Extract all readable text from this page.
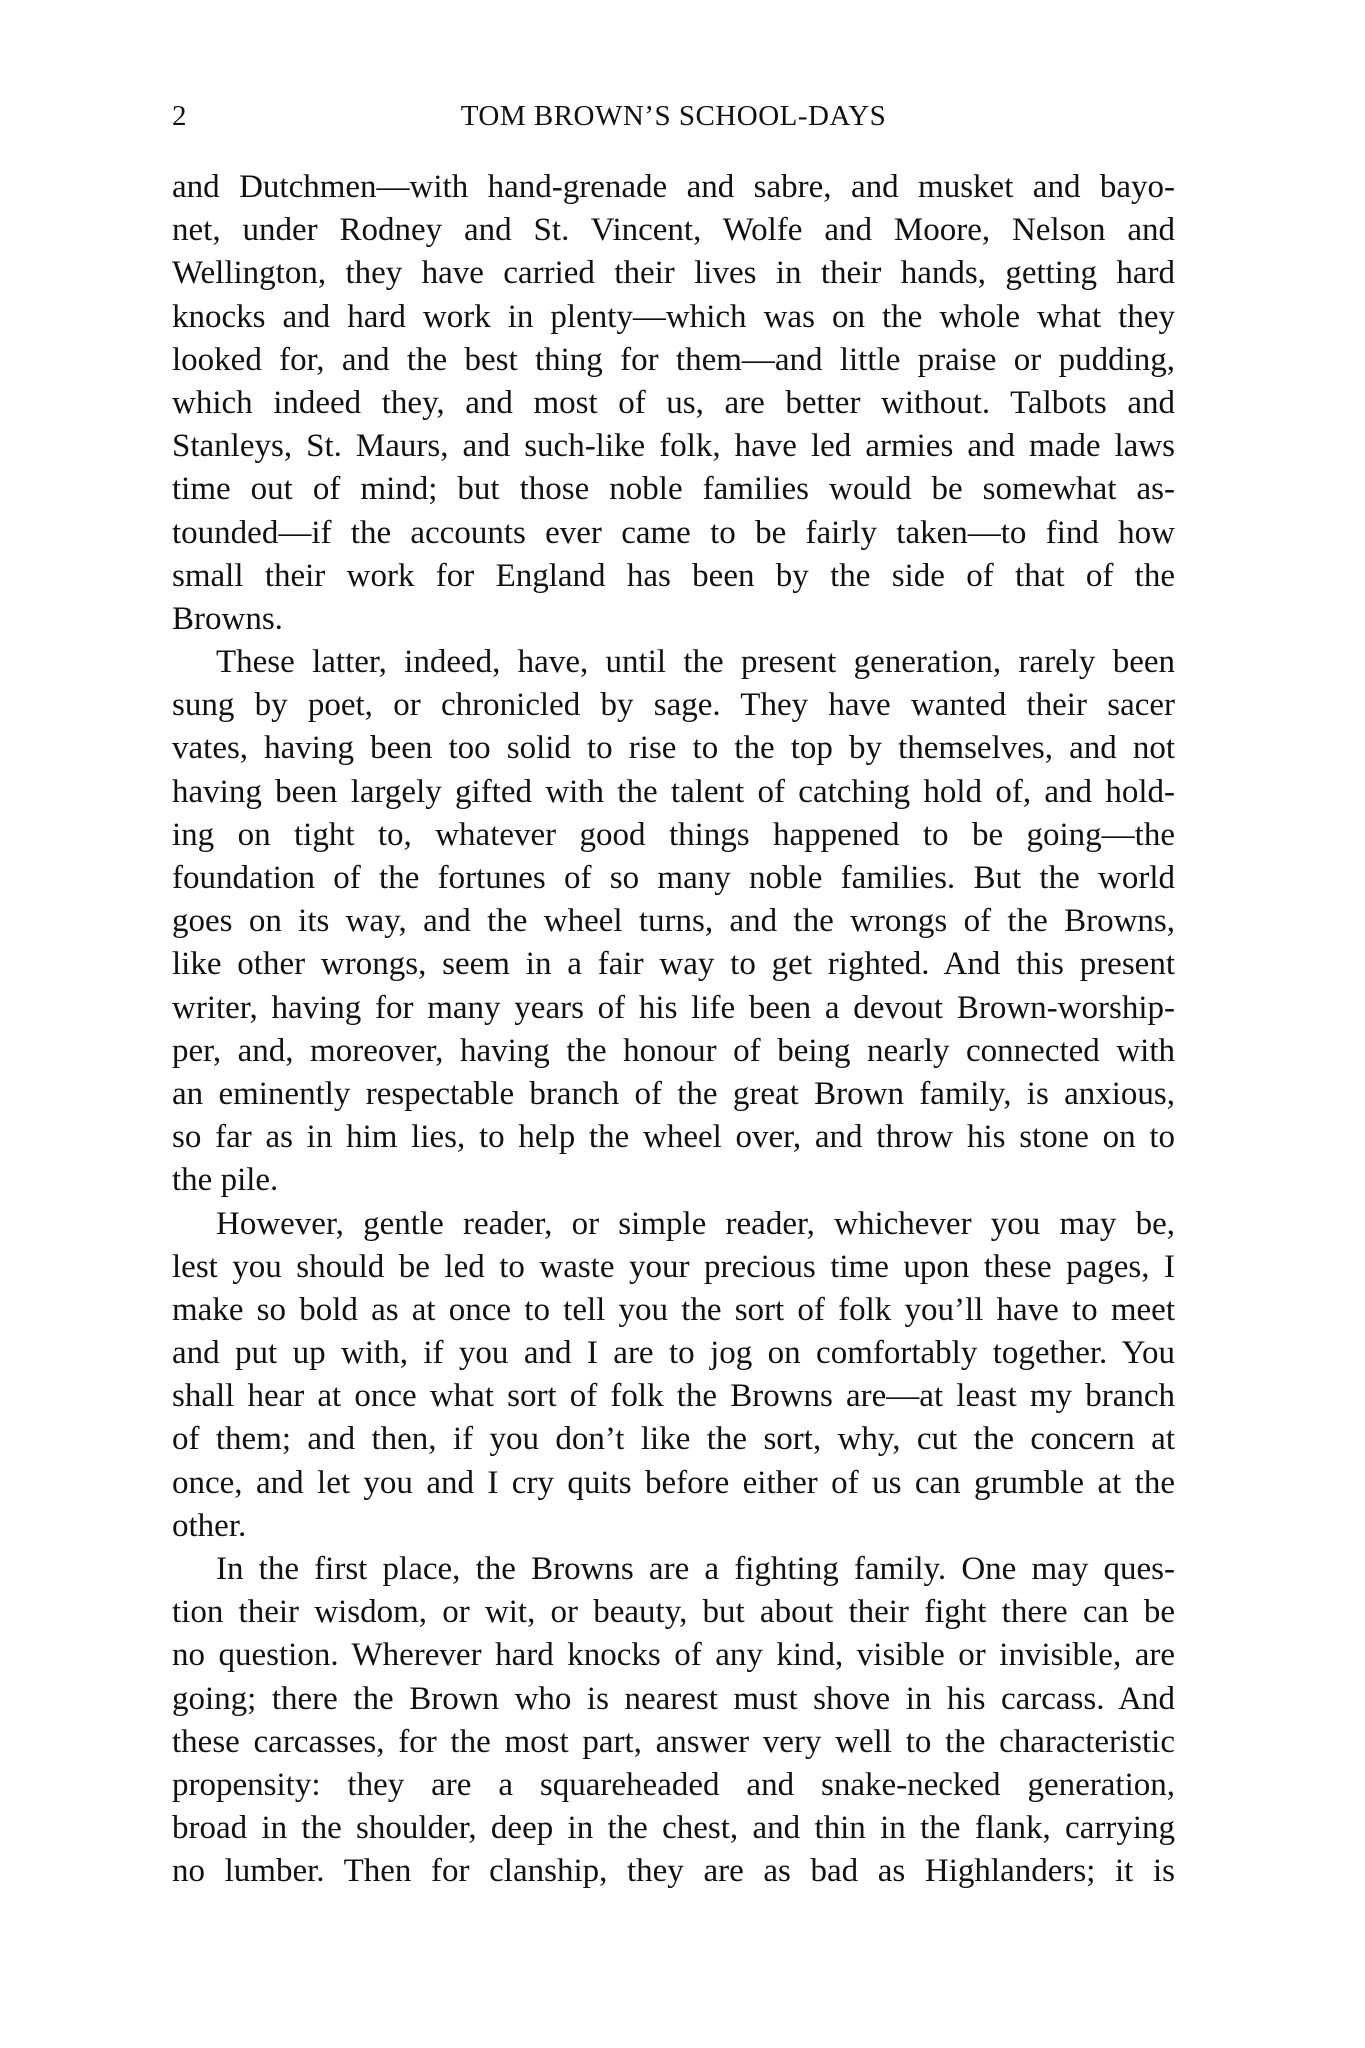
2	TOM BROWN’S SCHOOL-DAYS

and Dutchmen—with hand-grenade and sabre, and musket and bayo-
net, under Rodney and St. Vincent, Wolfe and Moore, Nelson and
Wellington, they have carried their lives in their hands, getting hard
knocks and hard work in plenty—which was on the whole what they
looked for, and the best thing for them—and little praise or pudding,
which indeed they, and most of us, are better without. Talbots and
Stanleys, St. Maurs, and such-like folk, have led armies and made laws
time out of mind; but those noble families would be somewhat as-
tounded—if the accounts ever came to be fairly taken—to find how
small their work for England has been by the side of that of the
Browns.

These latter, indeed, have, until the present generation, rarely been
sung by poet, or chronicled by sage. They have wanted their sacer
vates, having been too solid to rise to the top by themselves, and not
having been largely gifted with the talent of catching hold of, and hold-
ing on tight to, whatever good things happened to be going—the
foundation of the fortunes of so many noble families. But the world
goes on its way, and the wheel turns, and the wrongs of the Browns,
like other wrongs, seem in a fair way to get righted. And this present
writer, having for many years of his life been a devout Brown-worship-
per, and, moreover, having the honour of being nearly connected with
an eminently respectable branch of the great Brown family, is anxious,
so far as in him lies, to help the wheel over, and throw his stone on to
the pile.

However, gentle reader, or simple reader, whichever you may be,
lest you should be led to waste your precious time upon these pages, I
make so bold as at once to tell you the sort of folk you’ll have to meet
and put up with, if you and I are to jog on comfortably together. You
shall hear at once what sort of folk the Browns are—at least my branch
of them; and then, if you don’t like the sort, why, cut the concern at
once, and let you and I cry quits before either of us can grumble at the
other.

In the first place, the Browns are a fighting family. One may ques-
tion their wisdom, or wit, or beauty, but about their fight there can be
no question. Wherever hard knocks of any kind, visible or invisible, are
going; there the Brown who is nearest must shove in his carcass. And
these carcasses, for the most part, answer very well to the characteristic
propensity: they are a squareheaded and snake-necked generation,
broad in the shoulder, deep in the chest, and thin in the flank, carrying
no lumber. Then for clanship, they are as bad as Highlanders; it is
